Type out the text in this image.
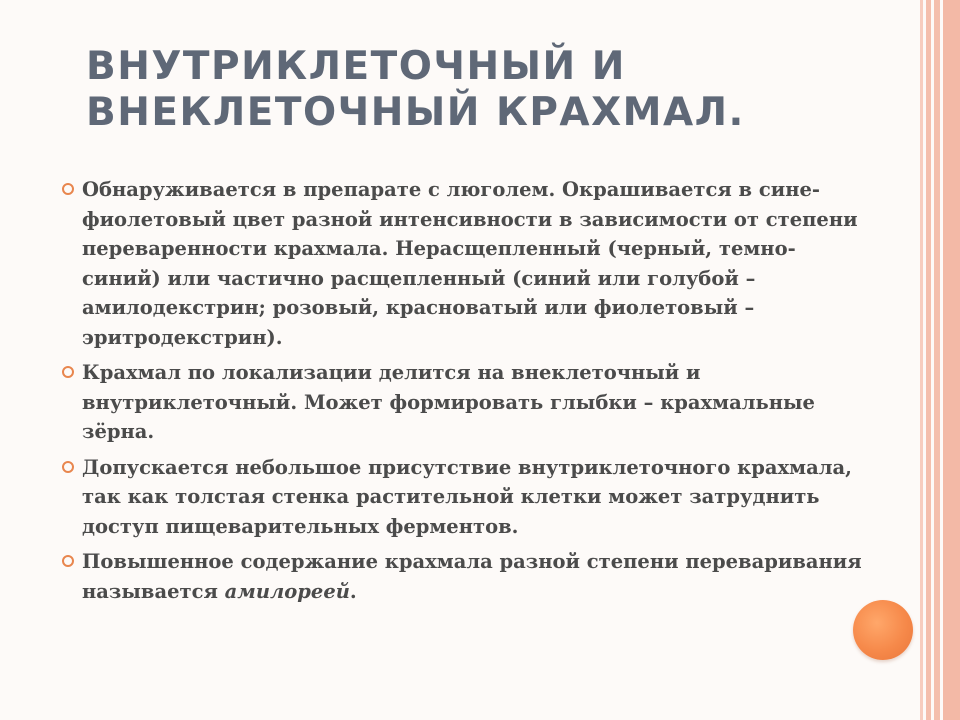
ВНУТРИКЛЕТОЧНЫЙ И
ВНЕКЛЕТОЧНЫЙ КРАХМАЛ.
Обнаруживается в препарате с люголем. Окрашивается в сине-фиолетовый цвет разной интенсивности в зависимости от степени переваренности крахмала. Нерасщепленный (черный, темно-синий) или частично расщепленный (синий или голубой – амилодекстрин; розовый, красноватый или фиолетовый – эритродекстрин).
Крахмал по локализации делится на внеклеточный и внутриклеточный. Может формировать глыбки – крахмальные зёрна.
Допускается небольшое присутствие внутриклеточного крахмала, так как толстая стенка растительной клетки может затруднить доступ пищеварительных ферментов.
Повышенное содержание крахмала разной степени переваривания называется амилореей.
